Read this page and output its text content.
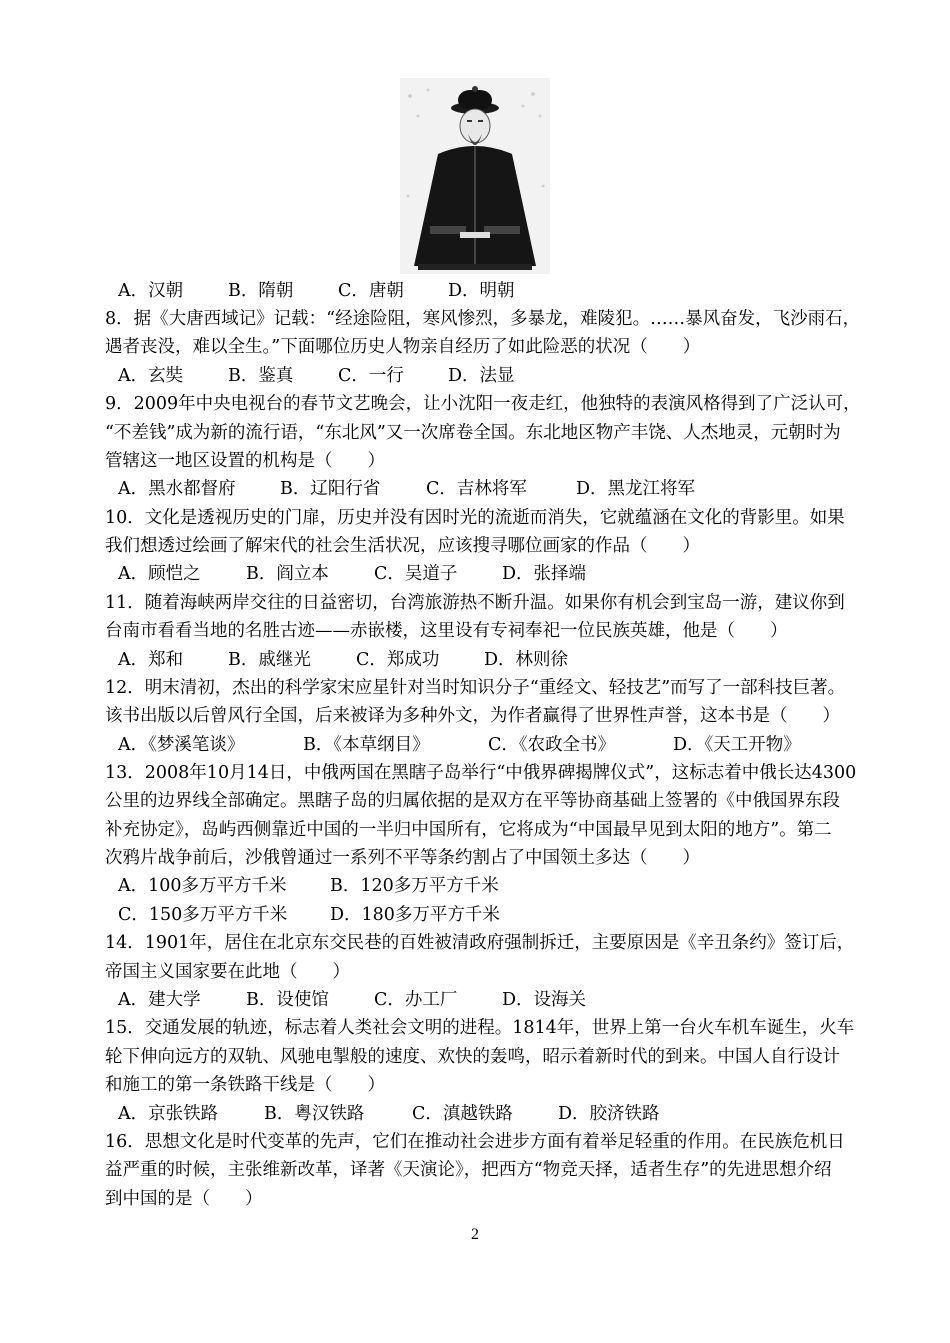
A．汉朝	B．隋朝	C．唐朝	D．明朝
8．据《大唐西域记》记载：“经途险阻，寒风惨烈，多暴龙，难陵犯。……暴风奋发，飞沙雨石，
遇者丧没，难以全生。”下面哪位历史人物亲自经历了如此险恶的状况（　　）
A．玄奘	B．鉴真	C．一行	D．法显
9．2009年中央电视台的春节文艺晚会，让小沈阳一夜走红，他独特的表演风格得到了广泛认可，
“不差钱”成为新的流行语，“东北风”又一次席卷全国。东北地区物产丰饶、人杰地灵，元朝时为
管辖这一地区设置的机构是（　　）
A．黑水都督府	B．辽阳行省	C．吉林将军	D．黑龙江将军
10．文化是透视历史的门扉，历史并没有因时光的流逝而消失，它就蕴涵在文化的背影里。如果
我们想透过绘画了解宋代的社会生活状况，应该搜寻哪位画家的作品（　　）
A．顾恺之	B．阎立本	C．吴道子	D．张择端
11．随着海峡两岸交往的日益密切，台湾旅游热不断升温。如果你有机会到宝岛一游，建议你到
台南市看看当地的名胜古迹——赤嵌楼，这里设有专祠奉祀一位民族英雄，他是（　　）
A．郑和	B．戚继光	C．郑成功	D．林则徐
12．明末清初，杰出的科学家宋应星针对当时知识分子“重经文、轻技艺”而写了一部科技巨著。
该书出版以后曾风行全国，后来被译为多种外文，为作者赢得了世界性声誉，这本书是（　　）
A．《梦溪笔谈》	B．《本草纲目》	C．《农政全书》	D．《天工开物》
13．2008年10月14日，中俄两国在黑瞎子岛举行“中俄界碑揭牌仪式”，这标志着中俄长达4300
公里的边界线全部确定。黑瞎子岛的归属依据的是双方在平等协商基础上签署的《中俄国界东段
补充协定》，岛屿西侧靠近中国的一半归中国所有，它将成为“中国最早见到太阳的地方”。第二
次鸦片战争前后，沙俄曾通过一系列不平等条约割占了中国领土多达（　　）
A．100多万平方千米 B．120多万平方千米
C．150多万平方千米 D．180多万平方千米
14．1901年，居住在北京东交民巷的百姓被清政府强制拆迁，主要原因是《辛丑条约》签订后，
帝国主义国家要在此地（　　）
A．建大学	B．设使馆	C．办工厂	D．设海关
15．交通发展的轨迹，标志着人类社会文明的进程。1814年，世界上第一台火车机车诞生，火车
轮下伸向远方的双轨、风驰电掣般的速度、欢快的轰鸣，昭示着新时代的到来。中国人自行设计
和施工的第一条铁路干线是（　　）
A．京张铁路	B．粤汉铁路	C．滇越铁路	D．胶济铁路
16．思想文化是时代变革的先声，它们在推动社会进步方面有着举足轻重的作用。在民族危机日
益严重的时候，主张维新改革，译著《天演论》，把西方“物竞天择，适者生存”的先进思想介绍
到中国的是（　　）
2
